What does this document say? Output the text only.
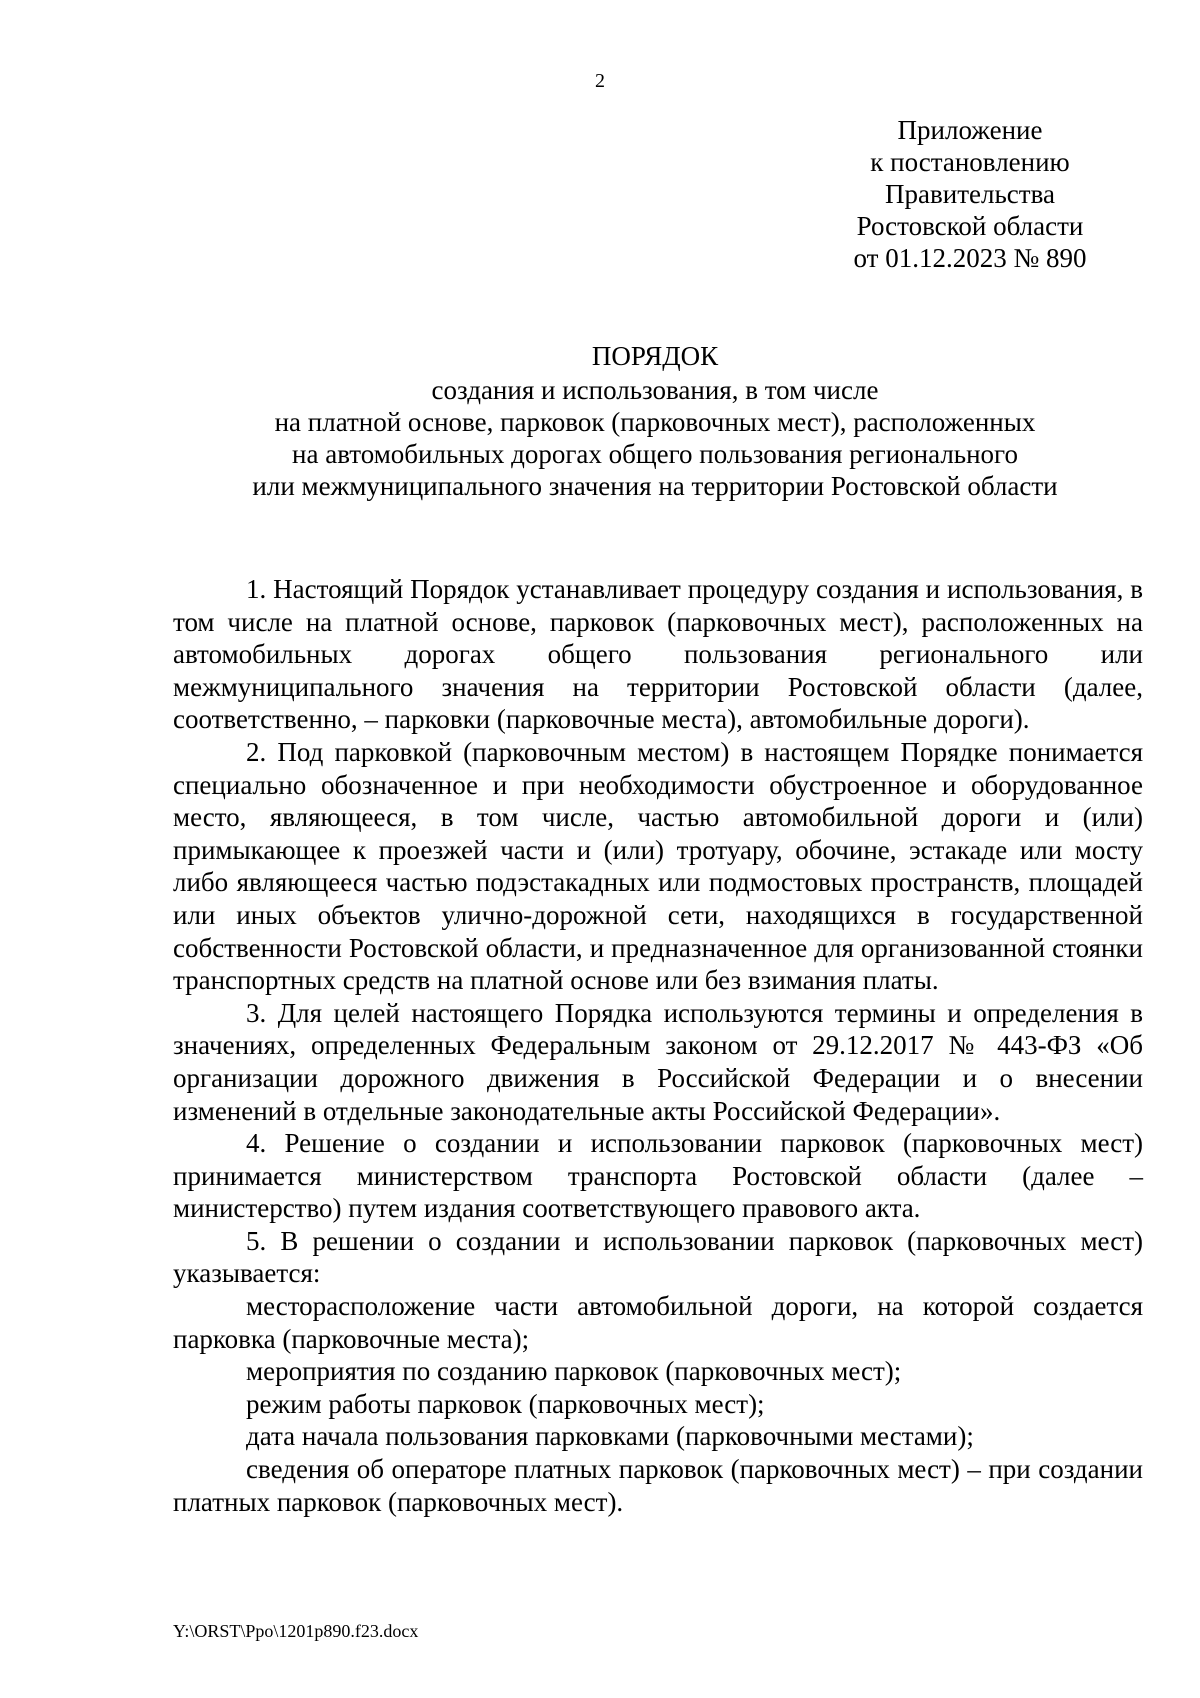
2
Приложение
к постановлению
Правительства
Ростовской области
от 01.12.2023 № 890
ПОРЯДОК
создания и использования, в том числе
на платной основе, парковок (парковочных мест), расположенных
на автомобильных дорогах общего пользования регионального
или межмуниципального значения на территории Ростовской области

1. Настоящий Порядок устанавливает процедуру создания и использования, в том числе на платной основе, парковок (парковочных мест), расположенных на автомобильных дорогах общего пользования регионального или межмуниципального значения на территории Ростовской области (далее, соответственно, – парковки (парковочные места), автомобильные дороги).

2. Под парковкой (парковочным местом) в настоящем Порядке понимается специально обозначенное и при необходимости обустроенное и оборудованное место, являющееся, в том числе, частью автомобильной дороги и (или) примыкающее к проезжей части и (или) тротуару, обочине, эстакаде или мосту либо являющееся частью подэстакадных или подмостовых пространств, площадей или иных объектов улично-дорожной сети, находящихся в государственной собственности Ростовской области, и предназначенное для организованной стоянки транспортных средств на платной основе или без взимания платы.

3. Для целей настоящего Порядка используются термины и определения в значениях, определенных Федеральным законом от 29.12.2017 № 443-ФЗ «Об организации дорожного движения в Российской Федерации и о внесении изменений в отдельные законодательные акты Российской Федерации».

4. Решение о создании и использовании парковок (парковочных мест) принимается министерством транспорта Ростовской области (далее – министерство) путем издания соответствующего правового акта.

5. В решении о создании и использовании парковок (парковочных мест) указывается:

месторасположение части автомобильной дороги, на которой создается парковка (парковочные места);

мероприятия по созданию парковок (парковочных мест);

режим работы парковок (парковочных мест);

дата начала пользования парковками (парковочными местами);

сведения об операторе платных парковок (парковочных мест) – при создании платных парковок (парковочных мест).

Y:\ORST\Ppo\1201p890.f23.docx
